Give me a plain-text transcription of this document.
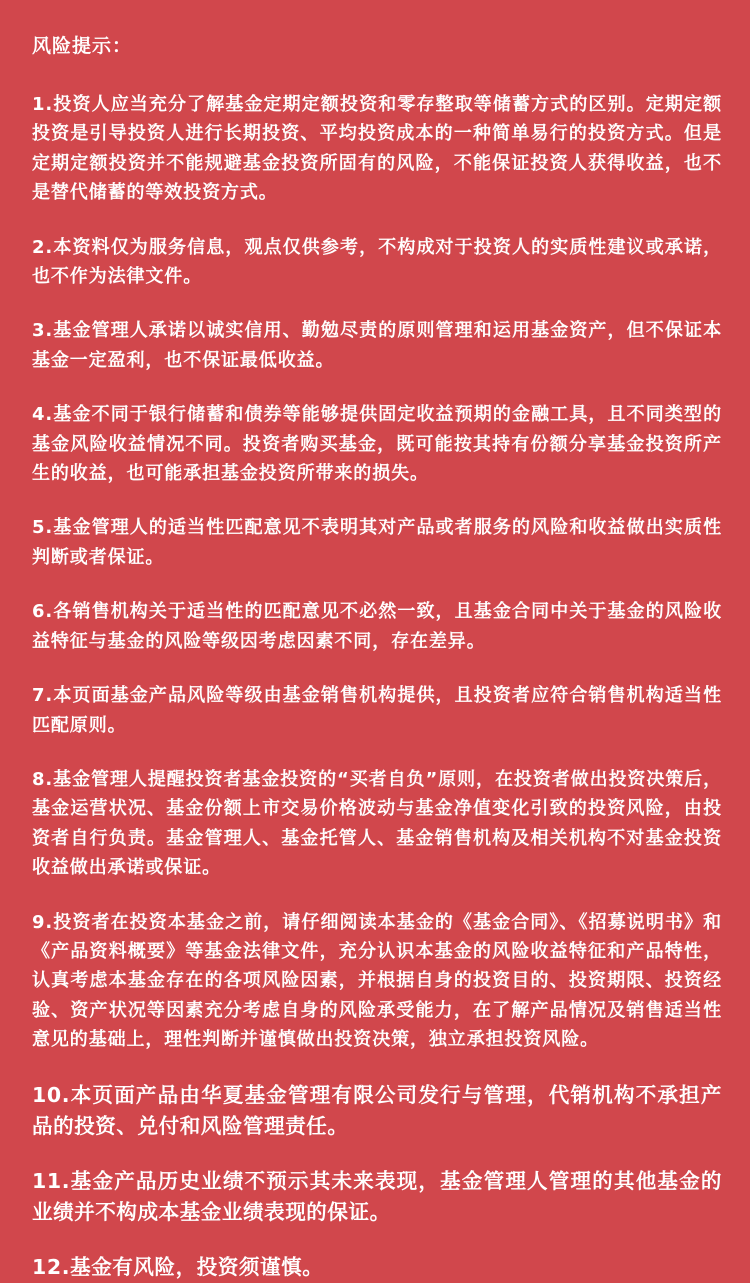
风险提示：

1.投资人应当充分了解基金定期定额投资和零存整取等储蓄方式的区别。定期定额投资是引导投资人进行长期投资、平均投资成本的一种简单易行的投资方式。但是定期定额投资并不能规避基金投资所固有的风险，不能保证投资人获得收益，也不是替代储蓄的等效投资方式。

2.本资料仅为服务信息，观点仅供参考，不构成对于投资人的实质性建议或承诺，也不作为法律文件。

3.基金管理人承诺以诚实信用、勤勉尽责的原则管理和运用基金资产，但不保证本基金一定盈利，也不保证最低收益。

4.基金不同于银行储蓄和债券等能够提供固定收益预期的金融工具，且不同类型的基金风险收益情况不同。投资者购买基金，既可能按其持有份额分享基金投资所产生的收益，也可能承担基金投资所带来的损失。

5.基金管理人的适当性匹配意见不表明其对产品或者服务的风险和收益做出实质性判断或者保证。

6.各销售机构关于适当性的匹配意见不必然一致，且基金合同中关于基金的风险收益特征与基金的风险等级因考虑因素不同，存在差异。

7.本页面基金产品风险等级由基金销售机构提供，且投资者应符合销售机构适当性匹配原则。

8.基金管理人提醒投资者基金投资的“买者自负”原则，在投资者做出投资决策后，基金运营状况、基金份额上市交易价格波动与基金净值变化引致的投资风险，由投资者自行负责。基金管理人、基金托管人、基金销售机构及相关机构不对基金投资收益做出承诺或保证。

9.投资者在投资本基金之前，请仔细阅读本基金的《基金合同》、《招募说明书》和《产品资料概要》等基金法律文件，充分认识本基金的风险收益特征和产品特性，认真考虑本基金存在的各项风险因素，并根据自身的投资目的、投资期限、投资经验、资产状况等因素充分考虑自身的风险承受能力，在了解产品情况及销售适当性意见的基础上，理性判断并谨慎做出投资决策，独立承担投资风险。

10.本页面产品由华夏基金管理有限公司发行与管理，代销机构不承担产品的投资、兑付和风险管理责任。

11.基金产品历史业绩不预示其未来表现，基金管理人管理的其他基金的业绩并不构成本基金业绩表现的保证。

12.基金有风险，投资须谨慎。
